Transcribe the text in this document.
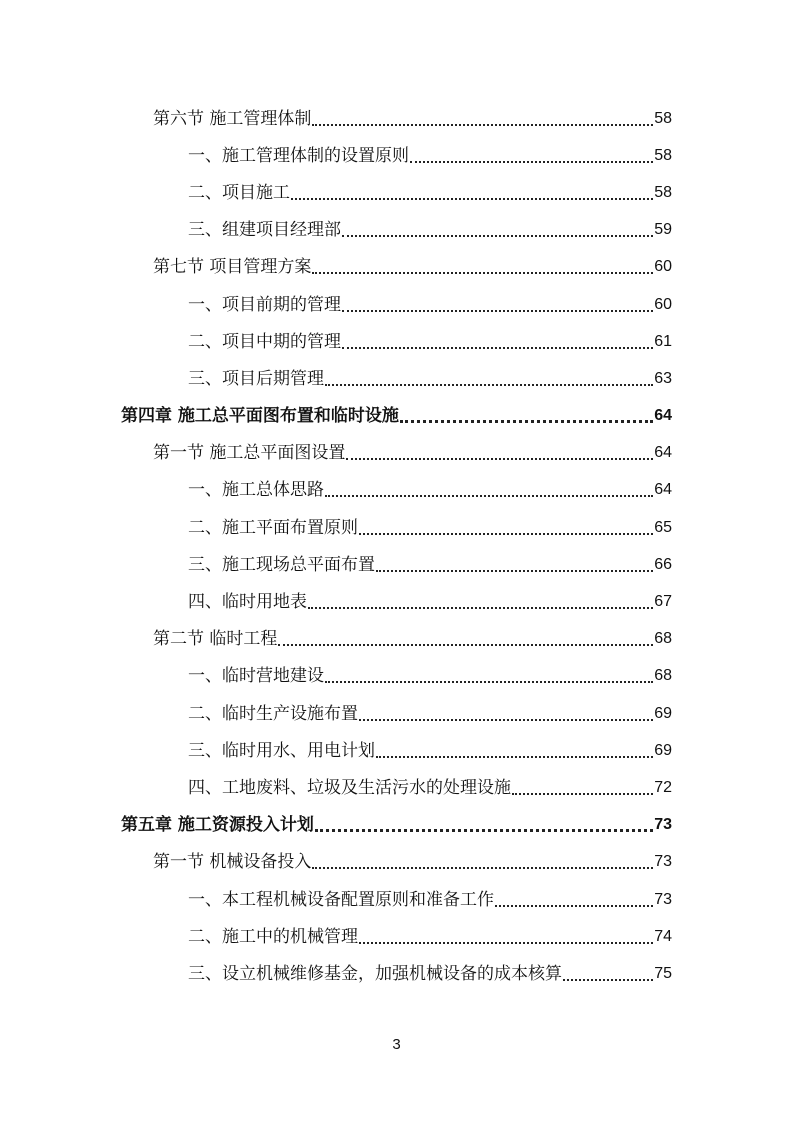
第六节 施工管理体制	58
一、施工管理体制的设置原则	58
二、项目施工	58
三、组建项目经理部	59
第七节 项目管理方案	60
一、项目前期的管理	60
二、项目中期的管理	61
三、项目后期管理	63
第四章 施工总平面图布置和临时设施	64
第一节 施工总平面图设置	64
一、施工总体思路	64
二、施工平面布置原则	65
三、施工现场总平面布置	66
四、临时用地表	67
第二节 临时工程	68
一、临时营地建设	68
二、临时生产设施布置	69
三、临时用水、用电计划	69
四、工地废料、垃圾及生活污水的处理设施	72
第五章 施工资源投入计划	73
第一节 机械设备投入	73
一、本工程机械设备配置原则和准备工作	73
二、施工中的机械管理	74
三、设立机械维修基金，加强机械设备的成本核算	75
3
